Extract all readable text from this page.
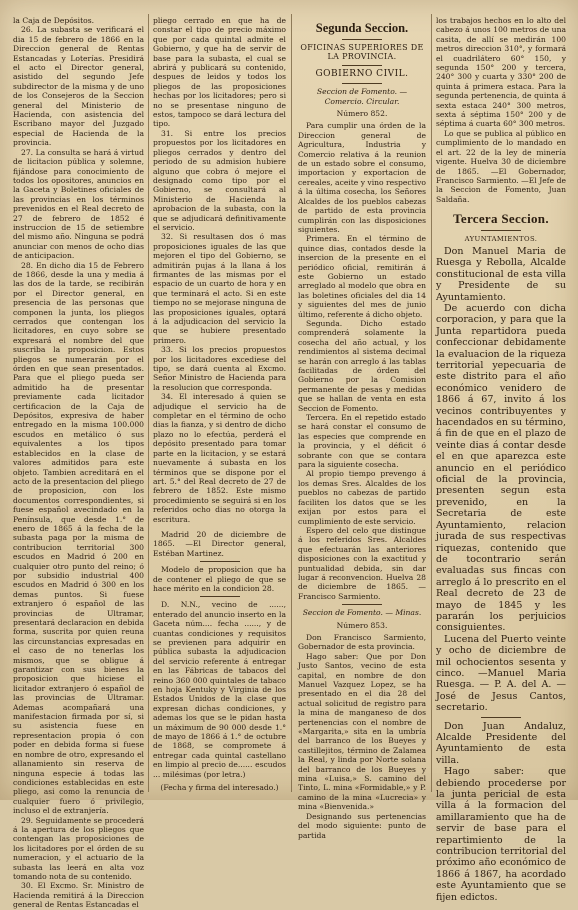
la Caja de Depósitos.

26. La subasta se verificará el dia 15 de febrero de 1866 en la Direccion general de Rentas Estancadas y Loterías. Presidirá el acto el Director general, asistido del segundo Jefe subdirector de la misma y de uno de los Consejeros de la Seccion general del Ministerio de Hacienda, con asistencia del Escribano mayor del Juzgado especial de Hacienda de la provincia.

27. La consulta se hará á virtud de licitacion pública y solemne, fijándose para conocimiento de todos los opositores, anuncios en la Gaceta y Boletines oficiales de las provincias en los términos prevenidos en el Real decreto de 27 de febrero de 1852 é instruccion de 15 de setiembre del mismo año. Ninguna se podrá anunciar con menos de ocho dias de anticipacion.

28. En dicho dia 15 de Febrero de 1866, desde la una y media á las dos de la tarde, se recibirán por el Director general, en presencia de las personas que componen la junta, los pliegos cerrados que contengan los licitadores, en cuyo sobre se expresará el nombre del que suscriba la proposicion. Estos pliegos se numerarán por el órden en que sean presentados. Para que el pliego pueda ser admitido ha de presentar previamente cada licitador certificacion de la Caja de Depósitos, expresiva de haber entregado en la misma 100.000 escudos en metálico ó sus equivalentes a los tipos establecidos en la clase de valores admitidos para este objeto. Tambien acreditará en el acto de la presentacion del pliego de proposicion, con los documentos correspondientes, si fuese español avecindado en la Península, que desde 1.° de enero de 1865 á la fecha de la subasta paga por la misma de contribucion territorial 300 escudos en Madrid ó 200 en cualquier otro punto del reino; ó por subsidio industrial 400 escudos en Madrid ó 300 en los demas puntos. Si fuese extranjero ó español de las provincias de Ultramar, presentará declaracion en debida forma, suscrita por quien reuna las circunstancias expresadas en el caso de no tenerlas los mismos, que se obligue á garantizar con sus bienes la proposicion que hiciese el licitador extranjero ó español de las provincias de Ultramar. Ademas acompañará una manifestacion firmada por sí, si su asistencia fuese en representacion propia ó con poder en debida forma si fuese en nombre de otro, expresando el allanamiento sin reserva de ninguna especie á todas las condiciones establecidas en este pliego, asi como la renuncia de cualquier fuero ó privilegio, incluso el de extranjería.

29. Seguidamente se procederá á la apertura de los pliegos que contengan las proposiciones de los licitadores por el órden de su numeracion, y el actuario de la subasta las leerá en alta voz tomando nota de su contenido.

30. El Excmo. Sr. Ministro de Hacienda remitirá á la Direccion general de Rentas Estancadas el

pliego cerrado en que ha de constar el tipo de precio máximo que por cada quintal admite el Gobierno, y que ha de servir de base para la subasta, el cual se abrirá y publicará su contenido, despues de leidos y todos los pliegos de las proposiciones hechas por los licitadores; pero si no se presentase ninguno de estos, tampoco se dará lectura del tipo.

31. Si entre los precios propuestos por los licitadores en pliegos cerrados y dentro del periodo de su admision hubiere alguno que cobra ó mejore el designado como tipo por el Gobierno, se consultará al Ministerio de Hacienda la aprobacion de la subasta, con la que se adjudicará definitivamente el servicio.

32. Si resultasen dos ó mas proposiciones iguales de las que mejoren el tipo del Gobierno, se admitirán pujas á la llana á los firmantes de las mismas por el espacio de un cuarto de hora y en que terminará el acto. Si en este tiempo no se mejorase ninguna de las proposiciones iguales, optará á la adjudicacion del servicio la que se hubiere presentado primero.

33. Si los precios propuestos por los licitadores excediese del tipo, se dará cuenta al Excmo. Señor Ministro de Hacienda para la resolucion que corresponda.

34. El interesado á quien se adjudique el servicio ha de completar en el término de ocho dias la fianza, y si dentro de dicho plazo no lo efectúa, perderá el depósito presentado para tomar parte en la licitacion, y se estará nuevamente á subasta en los términos que se dispone por el art. 5.° del Real decreto de 27 de febrero de 1852. Este mismo procedimiento se seguirá si en los referidos ocho dias no otorga la escritura.

Madrid 20 de diciembre de 1865. —El Director general, Estéban Martinez.

Modelo de proposicion que ha de contener el pliego de que se hace mérito en la condicion 28.

D. N.N., vecino de ......, enterado del anuncio inserto en la Gaceta núm.... fecha ......, y de cuantas condiciones y requisitos se previenen para adquirir en pública subasta la adjudicacion del servicio referente á entregar en las Fábricas de tabacos del reino 360 000 quintales de tabaco en hoja Kentuky y Virginia de los Estados Unidos de la clase que expresan dichas condiciones, y ademas los que se le pidan hasta un máximum de 90 000 desde 1.° de mayo de 1866 á 1.° de octubre de 1868, se compromete á entregar cada quintal castellano en limpio al precio de...... escudos ... milésimas (por letra.)

(Fecha y firma del interesado.)

Segunda Seccion.
OFICINAS SUPERIORES DE LA PROVINCIA.
GOBIERNO CIVIL.
Seccion de Fomento. — Comercio. Circular.
Número 852.

Para cumplir una órden de la Direccion general de Agricultura, Industria y Comercio relativa á la reunion de un estado sobre el consumo, importacion y exportacion de cereales, aceite y vino respectivo á la última cosecha, los Señores Alcaldes de los pueblos cabezas de partido de esta provincia cumplirán con las disposiciones siguientes.

Primera. En el término de quince dias, contados desde la insercion de la presente en el periódico oficial, remitirán á este Gobierno un estado arreglado al modelo que obra en las boletines oficiales del dia 14 y siguientes del mes de junio último, referente á dicho objeto.

Segunda. Dicho estado comprenderá solamente la cosecha del año actual, y los rendimientos al sistema decimal se harán con arreglo á las tablas facilitadas de órden del Gobierno por la Comision permanente de pesas y medidas que se hallan de venta en esta Seccion de Fomento.

Tercera. En el repetido estado se hará constar el consumo de las especies que comprende en la provincia, y el déficit ó sobrante con que se contara para la siguiente cosecha.

Al propio tiempo prevengo á los demas Sres. Alcaldes de los pueblos no cabezas de partido faciliten los datos que se les exijan por estos para el cumplimiento de este servicio.

Espero del celo que distingue á los referidos Sres. Alcaldes que efectuarán las anteriores disposiciones con la exactitud y puntualidad debida, sin dar lugar á reconvencion. Huelva 28 de diciembre de 1865. —Francisco Sarmiento.

Seccion de Fomento. — Minas.
Número 853.

Don Francisco Sarmiento, Gobernador de esta provincia.

Hago saber: Que por Don Justo Santos, vecino de esta capital, en nombre de don Manuel Vazquez Lopez, se ha presentado en el dia 28 del actual solicitud de registro para la mina de manganeso de dos pertenencias con el nombre de «Margarita,» sita en la umbría del barranco de los Bueyes y castillejitos, término de Zalamea la Real, y linda por Norte solana del barranco de los Bueyes y mina «Luisa,» S. camino del Tinto, L. mina «Formidable,» y P. camino de la mina «Lucrecia» y mina «Bienvenida.»

Designando sus pertenencias del modo siguiente: punto de partida

los trabajos hechos en lo alto del cabezo á unos 100 metros de una casita, de allí se medirán 100 metros direccion 310°, y formará el cuadrilátero 60° 150, y segunda 150° 200 y tercera, 240° 300 y cuarta y 330° 200 de quinta á primera estaca. Para la segunda pertenencia, de quinta á sexta estaca 240° 300 metros, sexta á séptima 150° 200 y de séptima á cuarta 60° 300 metros.

Lo que se publica al público en cumplimiento de lo mandado en el art. 22 de la ley de minería vigente. Huelva 30 de diciembre de 1865. —El Gobernador, Francisco Sarmiento. —El Jefe de la Seccion de Fomento, Juan Saldaña.

Tercera Seccion.
AYUNTAMIENTOS.

Don Manuel Maria de Ruesga y Rebolla, Alcalde constitucional de esta villa y Presidente de su Ayuntamiento.

De acuerdo con dicha corporacion, y para que la Junta repartidora pueda confeccionar debidamente la evaluacion de la riqueza territorial yepecuaria de este distrito para el año económico venidero de 1866 á 67, invito á los vecinos contribuyentes y hacendados en su término, á fin de que en el plazo de veinte dias á contar desde el en que aparezca este anuncio en el periódico oficial de la provincia, presenten segun esta prevenido, en la Secretaria de este Ayuntamiento, relacion jurada de sus respectivas riquezas, contenido que de tocontrario serán evaluadas sus fincas con arreglo á lo prescrito en el Real decreto de 23 de mayo de 1845 y les pararán los perjuicios consiguientes.

Lucena del Puerto veinte y ocho de diciembre de mil ochocientos sesenta y cinco. —Manuel Maria Ruesga. — P. A. del A. —José de Jesus Cantos, secretario.

Don Juan Andaluz, Alcalde Presidente del Ayuntamiento de esta villa.

Hago saber: que debiendo procederse por la junta pericial de esta villa á la formacion del amillaramiento que ha de servir de base para el repartimiento de la contribucion territorial del próximo año económico de 1866 á 1867, ha acordado este Ayuntamiento que se fijen edictos.
